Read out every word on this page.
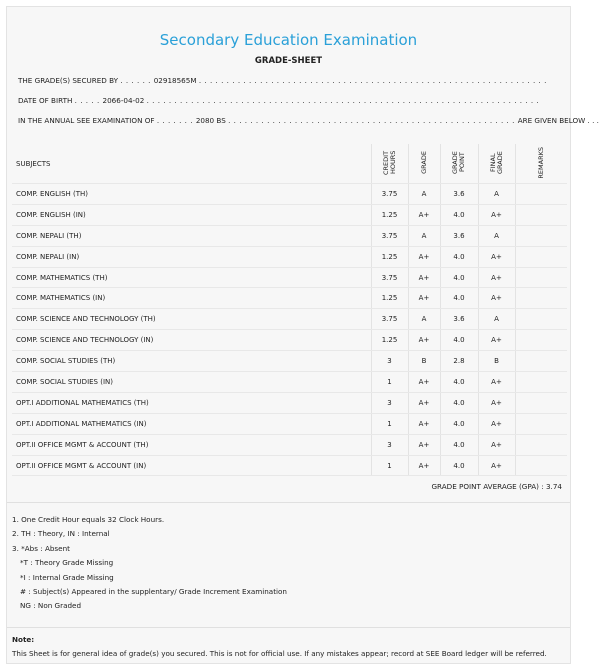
Secondary Education Examination
GRADE-SHEET
THE GRADE(S) SECURED BY . . . . . . 02918565M . . . . . . . . . . . . . . . . . . . . . . . . . . . . . . . . . . . . . . . . . . . . . . . . . . . . . . . . . . . . . . .
DATE OF BIRTH . . . . . 2066-04-02 . . . . . . . . . . . . . . . . . . . . . . . . . . . . . . . . . . . . . . . . . . . . . . . . . . . . . . . . . . . . . . . . . . . . . . .
IN THE ANNUAL SEE EXAMINATION OF . . . . . . . 2080 BS . . . . . . . . . . . . . . . . . . . . . . . . . . . . . . . . . . . . . . . . . . . . . . . . . . . . ARE GIVEN BELOW . . .
SUBJECTS	CREDIT HOURS	GRADE	GRADE POINT	FINAL GRADE	REMARKS
COMP. ENGLISH (TH)	3.75	A	3.6	A	
COMP. ENGLISH (IN)	1.25	A+	4.0	A+	
COMP. NEPALI (TH)	3.75	A	3.6	A	
COMP. NEPALI (IN)	1.25	A+	4.0	A+	
COMP. MATHEMATICS (TH)	3.75	A+	4.0	A+	
COMP. MATHEMATICS (IN)	1.25	A+	4.0	A+	
COMP. SCIENCE AND TECHNOLOGY (TH)	3.75	A	3.6	A	
COMP. SCIENCE AND TECHNOLOGY (IN)	1.25	A+	4.0	A+	
COMP. SOCIAL STUDIES (TH)	3	B	2.8	B	
COMP. SOCIAL STUDIES (IN)	1	A+	4.0	A+	
OPT.I ADDITIONAL MATHEMATICS (TH)	3	A+	4.0	A+	
OPT.I ADDITIONAL MATHEMATICS (IN)	1	A+	4.0	A+	
OPT.II OFFICE MGMT & ACCOUNT (TH)	3	A+	4.0	A+	
OPT.II OFFICE MGMT & ACCOUNT (IN)	1	A+	4.0	A+	
GRADE POINT AVERAGE (GPA) : 3.74
1. One Credit Hour equals 32 Clock Hours.
2. TH : Theory, IN : Internal
3. *Abs : Absent
*T : Theory Grade Missing
*I : Internal Grade Missing
# : Subject(s) Appeared in the supplentary/ Grade Increment Examination
NG : Non Graded
Note:
This Sheet is for general idea of grade(s) you secured. This is not for official use. If any mistakes appear; record at SEE Board ledger will be referred.
